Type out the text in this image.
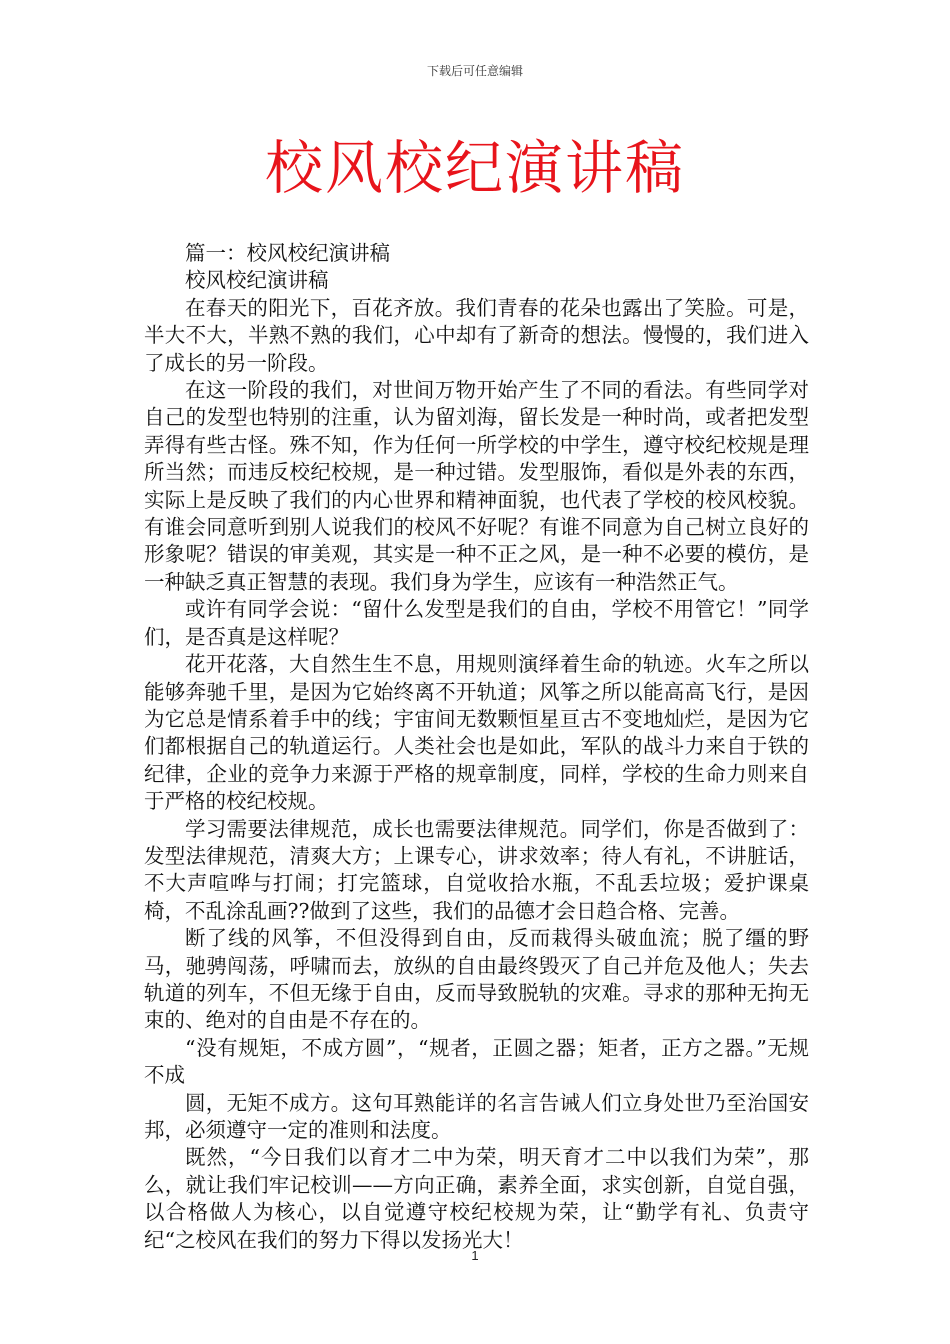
下载后可任意编辑
校风校纪演讲稿

篇一：校风校纪演讲稿

校风校纪演讲稿

在春天的阳光下，百花齐放。我们青春的花朵也露出了笑脸。可是，半大不大，半熟不熟的我们，心中却有了新奇的想法。慢慢的，我们进入了成长的另一阶段。

在这一阶段的我们，对世间万物开始产生了不同的看法。有些同学对自己的发型也特别的注重，认为留刘海，留长发是一种时尚，或者把发型弄得有些古怪。殊不知，作为任何一所学校的中学生，遵守校纪校规是理所当然；而违反校纪校规，是一种过错。发型服饰，看似是外表的东西，实际上是反映了我们的内心世界和精神面貌，也代表了学校的校风校貌。有谁会同意听到别人说我们的校风不好呢？有谁不同意为自己树立良好的形象呢？错误的审美观，其实是一种不正之风，是一种不必要的模仿，是一种缺乏真正智慧的表现。我们身为学生，应该有一种浩然正气。

或许有同学会说：“留什么发型是我们的自由，学校不用管它！”同学们，是否真是这样呢？

花开花落，大自然生生不息，用规则演绎着生命的轨迹。火车之所以能够奔驰千里，是因为它始终离不开轨道；风筝之所以能高高飞行，是因为它总是情系着手中的线；宇宙间无数颗恒星亘古不变地灿烂，是因为它们都根据自己的轨道运行。人类社会也是如此，军队的战斗力来自于铁的纪律，企业的竞争力来源于严格的规章制度，同样，学校的生命力则来自于严格的校纪校规。

学习需要法律规范，成长也需要法律规范。同学们，你是否做到了：发型法律规范，清爽大方；上课专心，讲求效率；待人有礼，不讲脏话，不大声喧哗与打闹；打完篮球，自觉收拾水瓶，不乱丢垃圾；爱护课桌椅，不乱涂乱画??做到了这些，我们的品德才会日趋合格、完善。

断了线的风筝，不但没得到自由，反而栽得头破血流；脱了缰的野马，驰骋闯荡，呼啸而去，放纵的自由最终毁灭了自己并危及他人；失去轨道的列车，不但无缘于自由，反而导致脱轨的灾难。寻求的那种无拘无束的、绝对的自由是不存在的。

“没有规矩，不成方圆”，“规者，正圆之器；矩者，正方之器。”无规不成

圆，无矩不成方。这句耳熟能详的名言告诫人们立身处世乃至治国安邦，必须遵守一定的准则和法度。

既然，“今日我们以育才二中为荣，明天育才二中以我们为荣”，那么，就让我们牢记校训——方向正确，素养全面，求实创新，自觉自强，以合格做人为核心，以自觉遵守校纪校规为荣，让“勤学有礼、负责守纪“之校风在我们的努力下得以发扬光大！

1
